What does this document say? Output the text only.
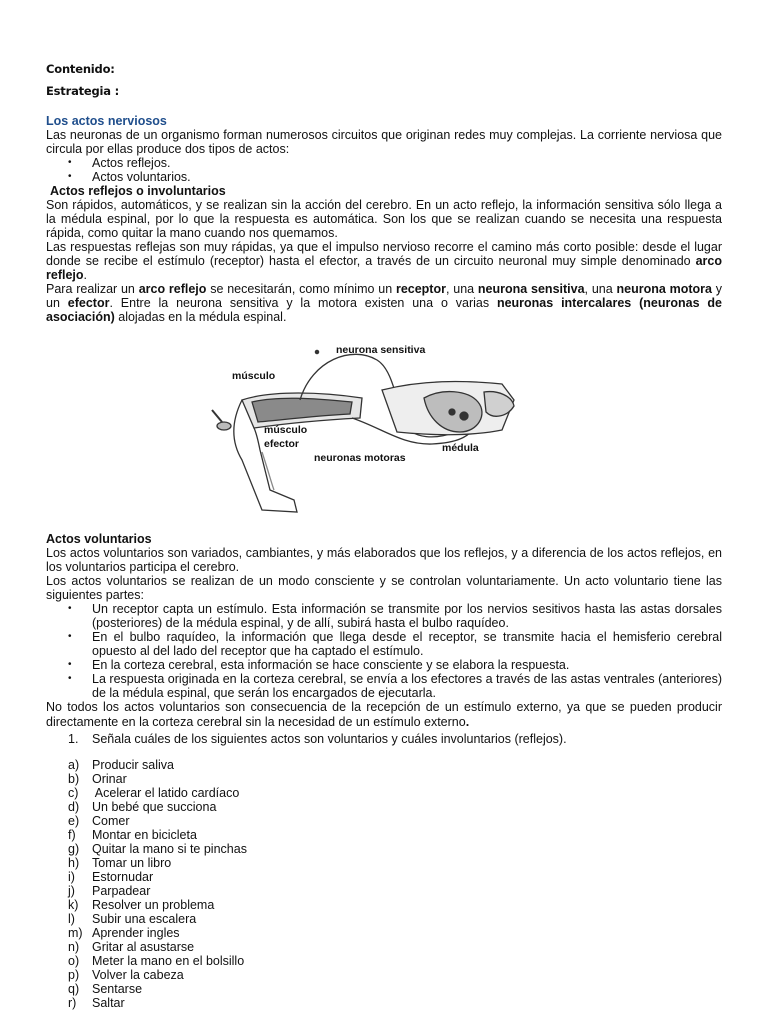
Contenido:
Estrategia :
Los actos nerviosos

Las neuronas de un organismo forman numerosos circuitos que originan redes muy complejas. La corriente nerviosa que circula por ellas produce dos tipos de actos:

• Actos reflejos.
• Actos voluntarios.
Actos reflejos o involuntarios

Son rápidos, automáticos, y se realizan sin la acción del cerebro. En un acto reflejo, la información sensitiva sólo llega a la médula espinal, por lo que la respuesta es automática. Son los que se realizan cuando se necesita una respuesta rápida, como quitar la mano cuando nos quemamos.

Las respuestas reflejas son muy rápidas, ya que el impulso nervioso recorre el camino más corto posible: desde el lugar donde se recibe el estímulo (receptor) hasta el efector, a través de un circuito neuronal muy simple denominado arco reflejo.

Para realizar un arco reflejo se necesitarán, como mínimo un receptor, una neurona sensitiva, una neurona motora y un efector. Entre la neurona sensitiva y la motora existen una o varias neuronas intercalares (neuronas de asociación) alojadas en la médula espinal.

neurona sensitiva
músculo
músculo
efector
neuronas motoras
médula
Actos voluntarios

Los actos voluntarios son variados, cambiantes, y más elaborados que los reflejos, y a diferencia de los actos reflejos, en los voluntarios participa el cerebro.

Los actos voluntarios se realizan de un modo consciente y se controlan voluntariamente. Un acto voluntario tiene las siguientes partes:

• Un receptor capta un estímulo. Esta información se transmite por los nervios sesitivos hasta las astas dorsales (posteriores) de la médula espinal, y de allí, subirá hasta el bulbo raquídeo.
• En el bulbo raquídeo, la información que llega desde el receptor, se transmite hacia el hemisferio cerebral opuesto al del lado del receptor que ha captado el estímulo.
• En la corteza cerebral, esta información se hace consciente y se elabora la respuesta.
• La respuesta originada en la corteza cerebral, se envía a los efectores a través de las astas ventrales (anteriores) de la médula espinal, que serán los encargados de ejecutarla.

No todos los actos voluntarios son consecuencia de la recepción de un estímulo externo, ya que se pueden producir directamente en la corteza cerebral sin la necesidad de un estímulo externo.

1. Señala cuáles de los siguientes actos son voluntarios y cuáles involuntarios (reflejos).
a) Producir saliva
b) Orinar
c) Acelerar el latido cardíaco
d) Un bebé que succiona
e) Comer
f) Montar en bicicleta
g) Quitar la mano si te pinchas
h) Tomar un libro
i) Estornudar
j) Parpadear
k) Resolver un problema
l) Subir una escalera
m) Aprender ingles
n) Gritar al asustarse
o) Meter la mano en el bolsillo
p) Volver la cabeza
q) Sentarse
r) Saltar
